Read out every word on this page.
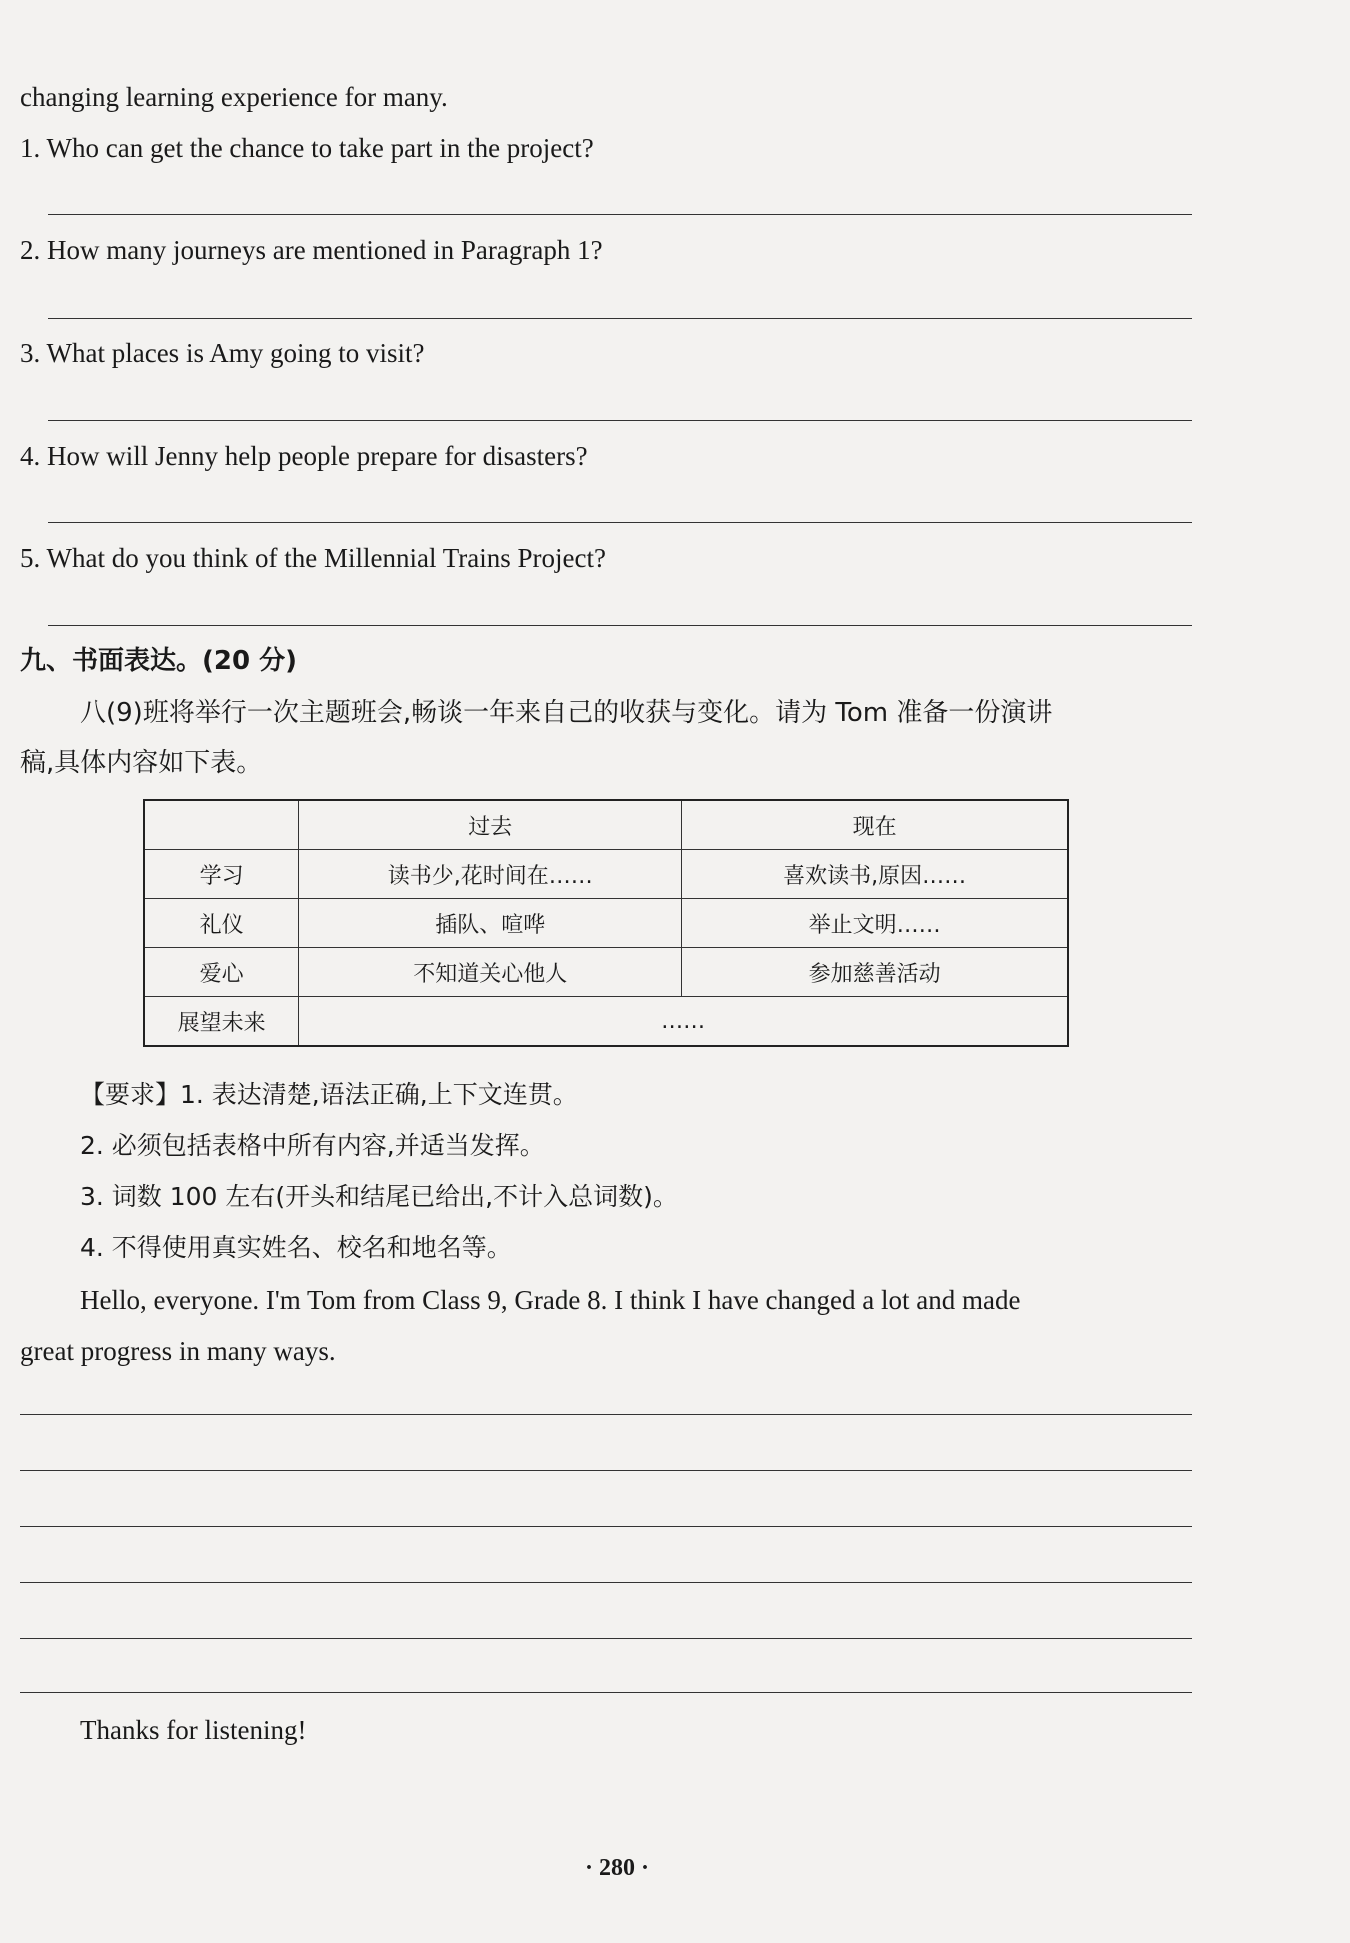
changing learning experience for many.
1. Who can get the chance to take part in the project?
2. How many journeys are mentioned in Paragraph 1?
3. What places is Amy going to visit?
4. How will Jenny help people prepare for disasters?
5. What do you think of the Millennial Trains Project?
九、书面表达。(20 分)
八(9)班将举行一次主题班会,畅谈一年来自己的收获与变化。请为 Tom 准备一份演讲
稿,具体内容如下表。
	过去	现在
学习	读书少,花时间在……	喜欢读书,原因……
礼仪	插队、喧哗	举止文明……
爱心	不知道关心他人	参加慈善活动
展望未来	……	
【要求】1. 表达清楚,语法正确,上下文连贯。
2. 必须包括表格中所有内容,并适当发挥。
3. 词数 100 左右(开头和结尾已给出,不计入总词数)。
4. 不得使用真实姓名、校名和地名等。
Hello, everyone. I'm Tom from Class 9, Grade 8. I think I have changed a lot and made
great progress in many ways.
Thanks for listening!
· 280 ·
